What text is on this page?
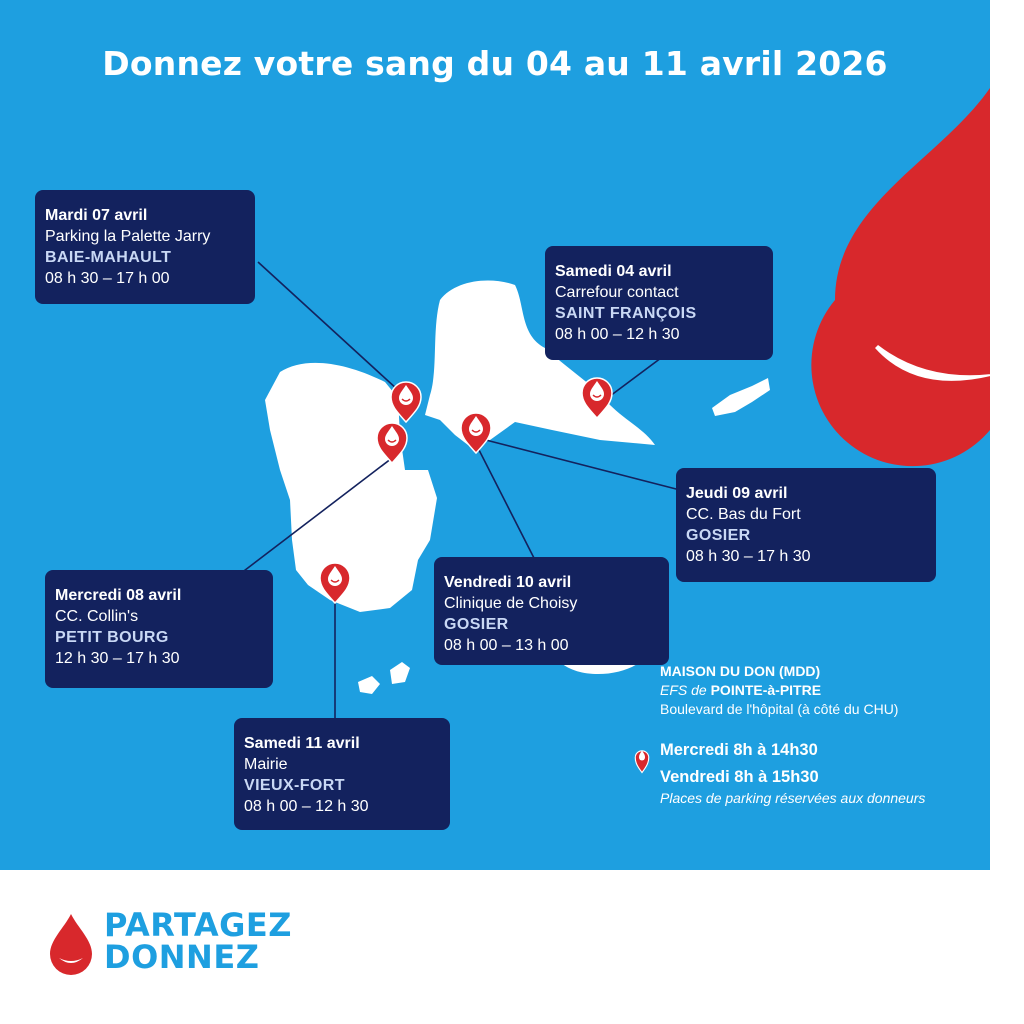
Donnez votre sang du 04 au 11 avril 2026
Mardi 07 avril
Parking la Palette Jarry
BAIE-MAHAULT
08 h 30 – 17 h 00	Samedi 04 avril
Carrefour contact
SAINT FRANÇOIS
08 h 00 – 12 h 30
Jeudi 09 avril
CC. Bas du Fort
GOSIER
08 h 30 – 17 h 30
Mercredi 08 avril
CC. Collin's
PETIT BOURG
12 h 30 – 17 h 30
Vendredi 10 avril
Clinique de Choisy
GOSIER
08 h 00 – 13 h 00
Samedi 11 avril
Mairie
VIEUX-FORT
08 h 00 – 12 h 30
MAISON DU DON (MDD)
EFS de POINTE-à-PITRE
Boulevard de l'hôpital (à côté du CHU)
Mercredi 8h à 14h30
Vendredi 8h à 15h30
Places de parking réservées aux donneurs
PARTAGEZ
DONNEZ
